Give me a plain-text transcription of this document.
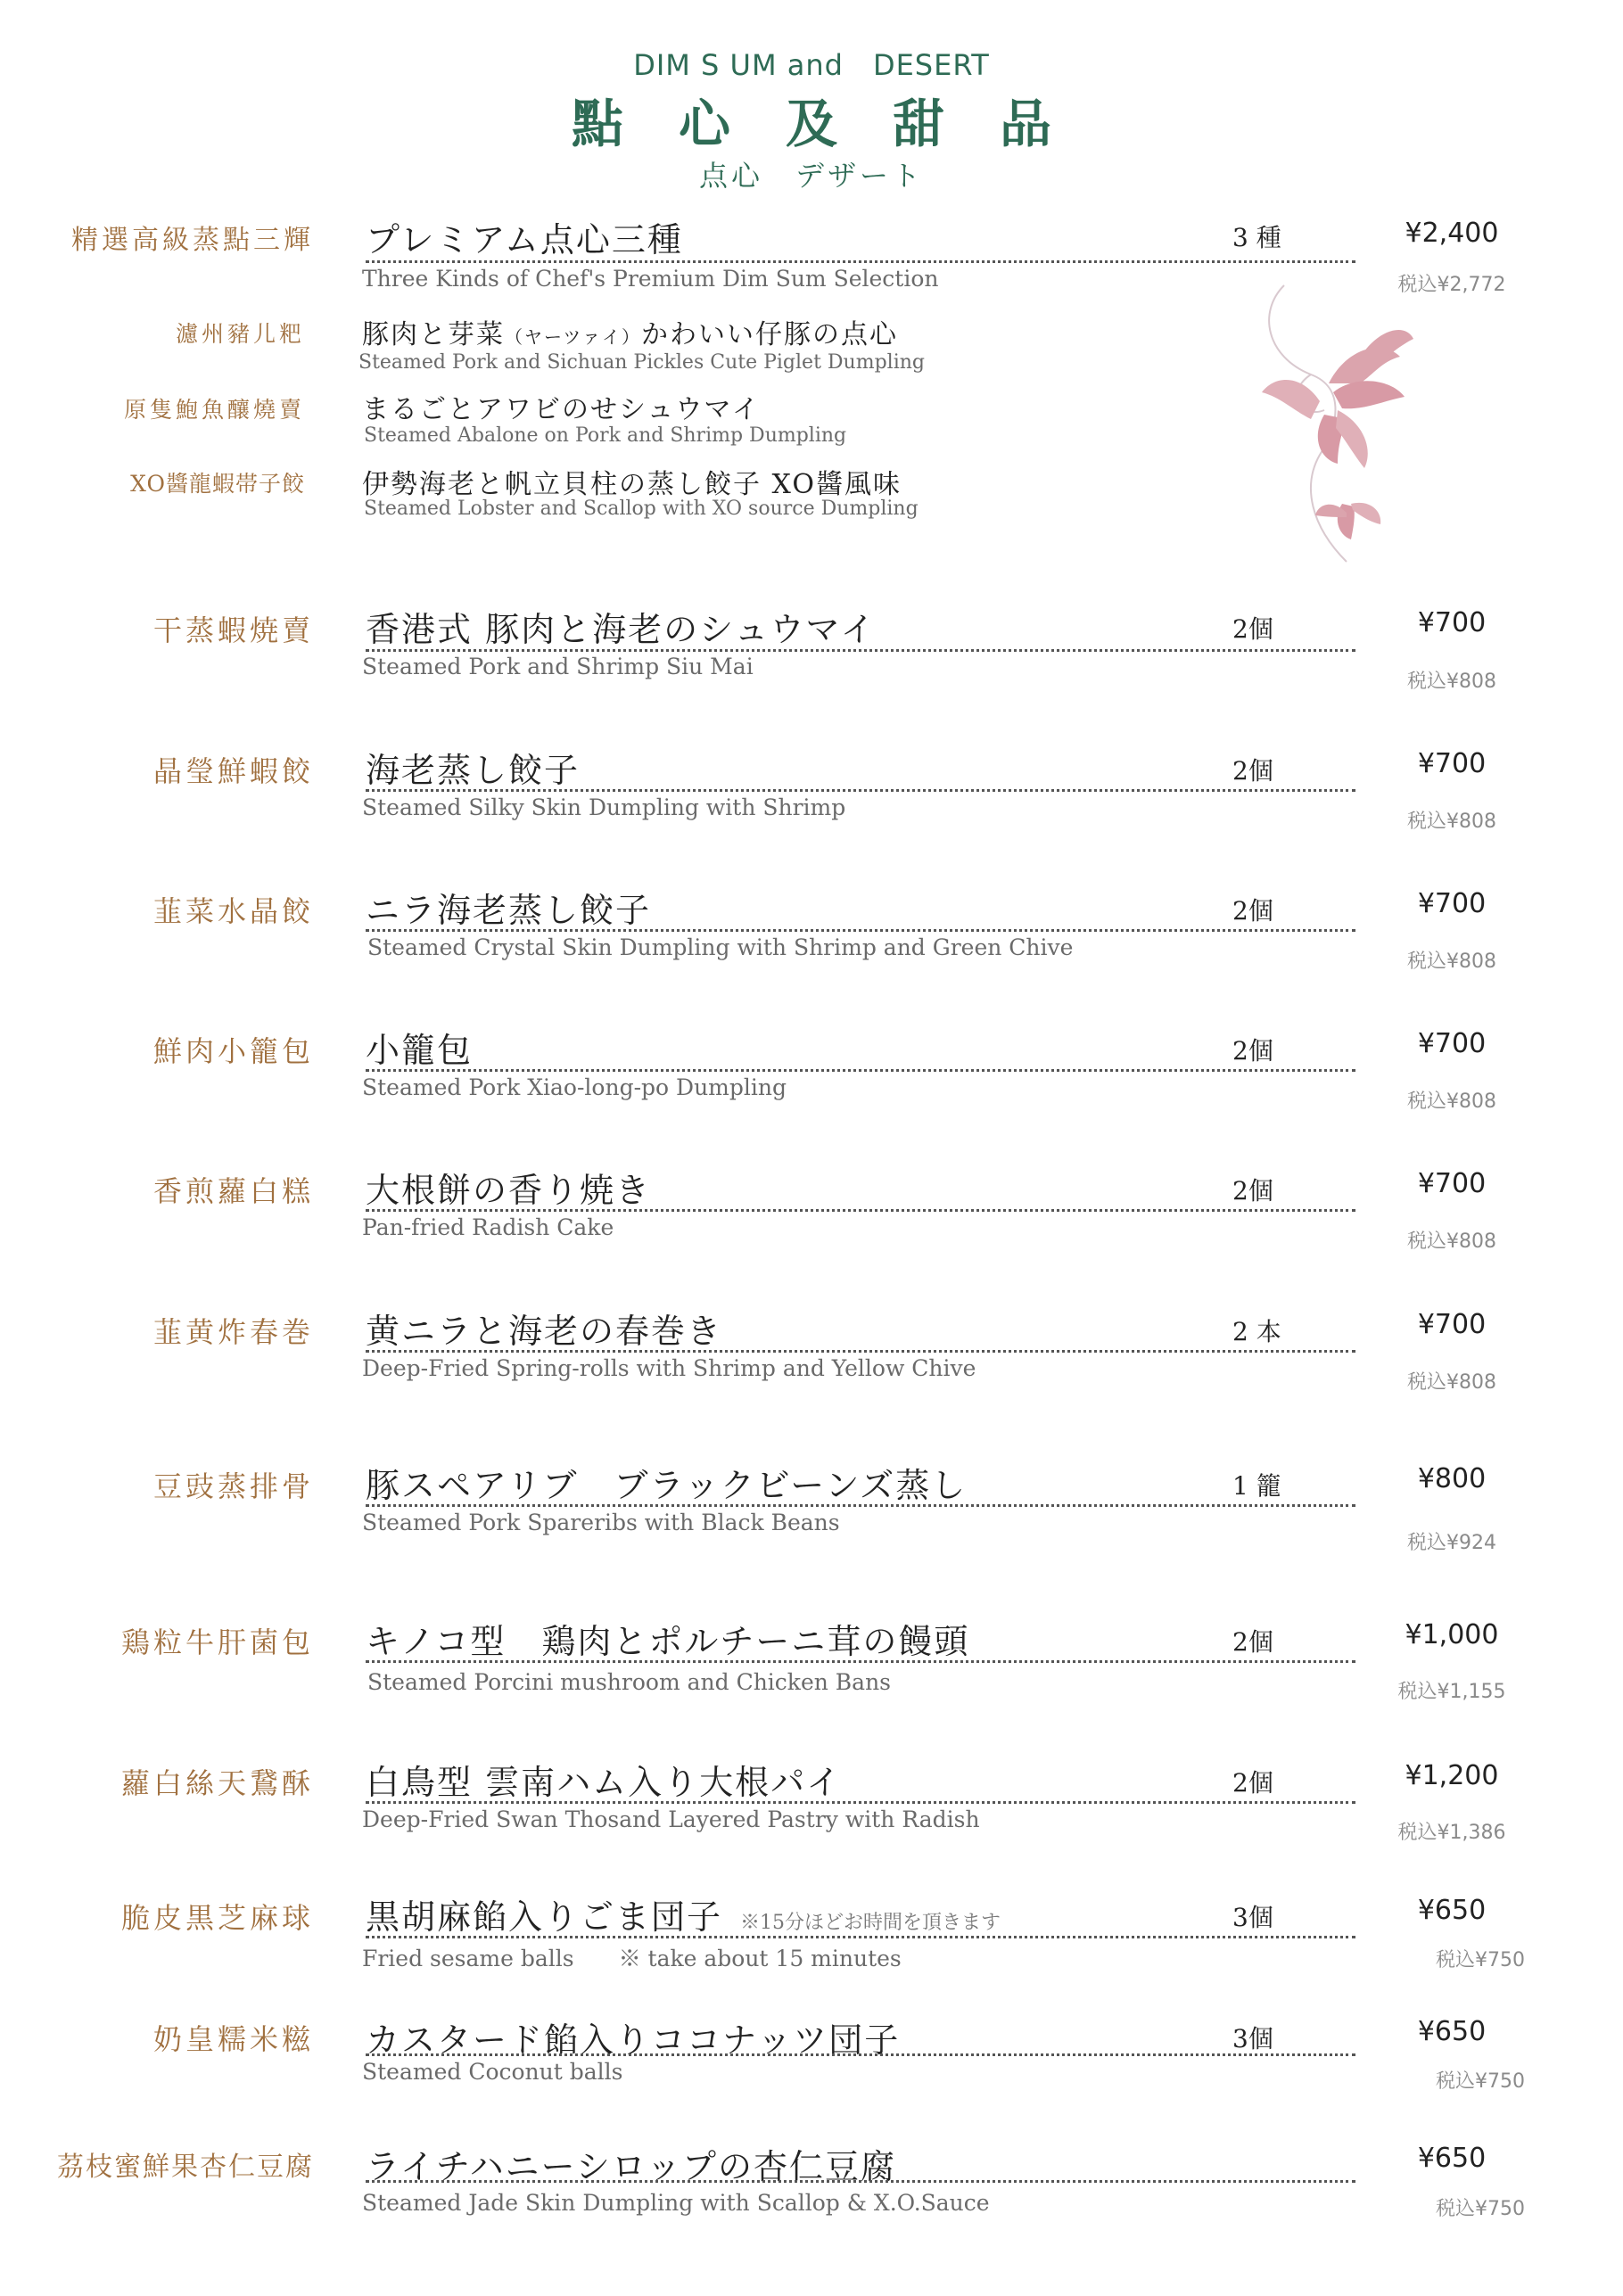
DIM S UM and　DESERT
點心及甜品
点心　デザート
精選高級蒸點三輝 プレミアム点心三種	3 種	¥2,400
Three Kinds of Chef's Premium Dim Sum Selection	税込¥2,772
濾州豬儿粑 豚肉と芽菜（ヤーツァイ）かわいい仔豚の点心
Steamed Pork and Sichuan Pickles Cute Piglet Dumpling
原隻鮑魚釀燒賣 まるごとアワビのせシュウマイ
Steamed Abalone on Pork and Shrimp Dumpling
XO醬龍蝦帯子餃 伊勢海老と帆立貝柱の蒸し餃子 XO醬風味
Steamed Lobster and Scallop with XO source Dumpling
干蒸蝦焼賣 香港式 豚肉と海老のシュウマイ	2個	¥700
Steamed Pork and Shrimp Siu Mai
税込¥808
晶瑩鮮蝦餃 海老蒸し餃子	2個	¥700
Steamed Silky Skin Dumpling with Shrimp
税込¥808
韮菜水晶餃 ニラ海老蒸し餃子	2個	¥700
Steamed Crystal Skin Dumpling with Shrimp and Green Chive
税込¥808
鮮肉小籠包 小籠包	2個	¥700
Steamed Pork Xiao-long-po Dumpling
税込¥808
香煎蘿白糕 大根餅の香り焼き	2個	¥700
Pan-fried Radish Cake
税込¥808
韮黄炸春巻 黄ニラと海老の春巻き	2 本	¥700
Deep-Fried Spring-rolls with Shrimp and Yellow Chive
税込¥808
豆豉蒸排骨 豚スペアリブ　ブラックビーンズ蒸し	1 籠	¥800
Steamed Pork Spareribs with Black Beans
税込¥924
鶏粒牛肝菌包 キノコ型　鶏肉とポルチーニ茸の饅頭	2個	¥1,000
Steamed Porcini mushroom and Chicken Bans	税込¥1,155
蘿白絲天鵞酥 白鳥型 雲南ハム入り大根パイ	2個	¥1,200
Deep-Fried Swan Thosand Layered Pastry with Radish
税込¥1,386
脆皮黒芝麻球 黒胡麻餡入りごま団子 ※15分ほどお時間を頂きます	3個	¥650
Fried sesame balls　　※ take about 15 minutes	税込¥750
奶皇糯米糍 カスタード餡入りココナッツ団子	3個	¥650
Steamed Coconut balls	税込¥750
茘枝蜜鮮果杏仁豆腐 ライチハニーシロップの杏仁豆腐	¥650
Steamed Jade Skin Dumpling with Scallop & X.O.Sauce	税込¥750
